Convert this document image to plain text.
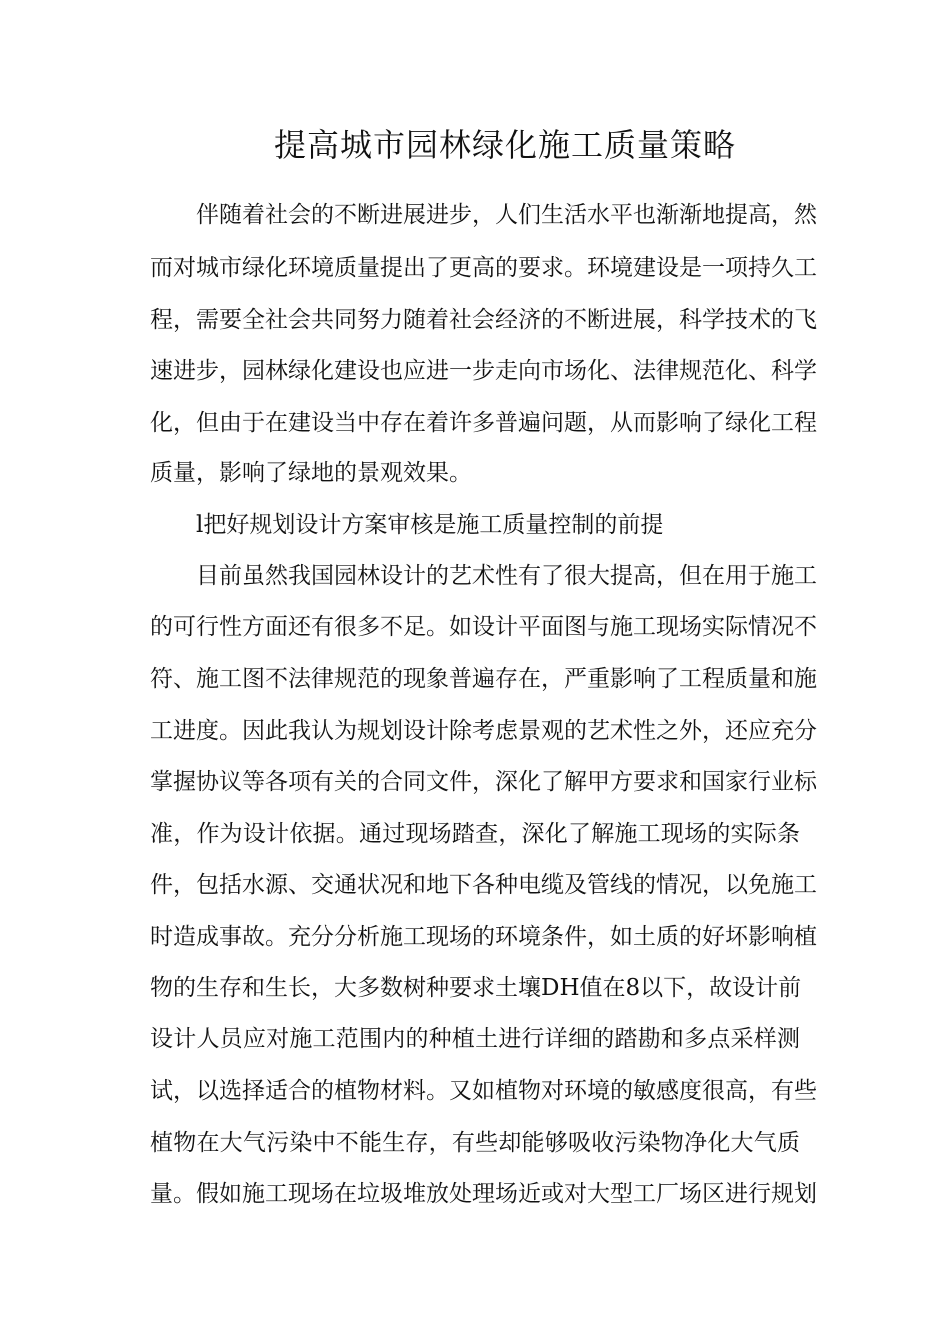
提高城市园林绿化施工质量策略
伴随着社会的不断进展进步，人们生活水平也渐渐地提高，然
而对城市绿化环境质量提出了更高的要求。环境建设是一项持久工
程，需要全社会共同努力随着社会经济的不断进展，科学技术的飞
速进步，园林绿化建设也应进一步走向市场化、法律规范化、科学
化，但由于在建设当中存在着许多普遍问题，从而影响了绿化工程
质量，影响了绿地的景观效果。
l把好规划设计方案审核是施工质量控制的前提
目前虽然我国园林设计的艺术性有了很大提高，但在用于施工
的可行性方面还有很多不足。如设计平面图与施工现场实际情况不
符、施工图不法律规范的现象普遍存在，严重影响了工程质量和施
工进度。因此我认为规划设计除考虑景观的艺术性之外，还应充分
掌握协议等各项有关的合同文件，深化了解甲方要求和国家行业标
准，作为设计依据。通过现场踏查，深化了解施工现场的实际条
件，包括水源、交通状况和地下各种电缆及管线的情况，以免施工
时造成事故。充分分析施工现场的环境条件，如土质的好坏影响植
物的生存和生长，大多数树种要求土壤DH值在8以下，故设计前
设计人员应对施工范围内的种植土进行详细的踏勘和多点采样测
试，以选择适合的植物材料。又如植物对环境的敏感度很高，有些
植物在大气污染中不能生存，有些却能够吸收污染物净化大气质
量。假如施工现场在垃圾堆放处理场近或对大型工厂场区进行规划
